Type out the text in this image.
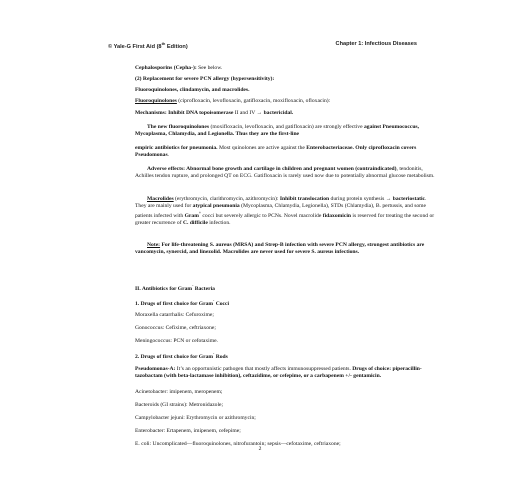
© Yale-G First Aid (8th Edition)	Chapter 1: Infectious Diseases
Cephalosporins (Cepha-): See below.
(2) Replacement for severe PCN allergy (hypersensitivity):
Fluoroquinolones, clindamycin, and macrolides.
Fluoroquinolones (ciprofloxacin, levofloxacin, gatifloxacin, moxifloxacin, ofloxacin):
Mechanisms: Inhibit DNA topoisomerase II and IV → bactericidal.
The new fluoroquinolones (moxifloxacin, levofloxacin, and gatifloxacin) are strongly effective against Pneumococcus, Mycoplasma, Chlamydia, and Legionella. Thus they are the first-line
empiric antibiotics for pneumonia. Most quinolones are active against the Enterobacteriaceae. Only ciprofloxacin covers Pseudomonas.
Adverse effects: Abnormal bone growth and cartilage in children and pregnant women (contraindicated), tendonitis, Achilles tendon rupture, and prolonged QT on ECG. Gatifloxacin is rarely used now due to potentially abnormal glucose metabolism.
Macrolides (erythromycin, clarithromycin, azithromycin): Inhibit translocation during protein synthesis → bacteriostatic. They are mainly used for atypical pneumonia (Mycoplasma, Chlamydia, Legionella), STDs (Chlamydia), B. pertussis, and some patients infected with Gram+ cocci but severely allergic to PCNs. Novel macrolide fidaxomicin is reserved for treating the second or greater recurrence of C. difficile infection.
Note: For life-threatening S. aureus (MRSA) and Strep-B infection with severe PCN allergy, strongest antibiotics are vancomycin, synercid, and linezolid. Macrolides are never used for severe S. aureus infections.
II. Antibiotics for Gram- Bacteria
1. Drugs of first choice for Gram- Cocci
Moraxella catarrhalis: Cefuroxime;
Gonococcus: Cefixime, ceftriaxone;
Meningococcus: PCN or cefotaxime.
2. Drugs of first choice for Gram- Rods
Pseudomonas-A: It’s an opportunistic pathogen that mostly affects immunosuppressed patients. Drugs of choice: piperacillin-tazobactam (with beta-lactamase inhibition), ceftazidime, or cefepime, or a carbapenem +/- gentamicin.
Acinetobacter: imipenem, meropenem;
Bacteroids (GI strains): Metronidazole;
Campylobacter jejuni: Erythromycin or azithromycin;
Enterobacter: Ertapenem, imipenem, cefepime;
E. coli: Uncomplicated—fluoroquinolones, nitrofurantoin; sepsis—cefotaxime, ceftriaxone;
2
